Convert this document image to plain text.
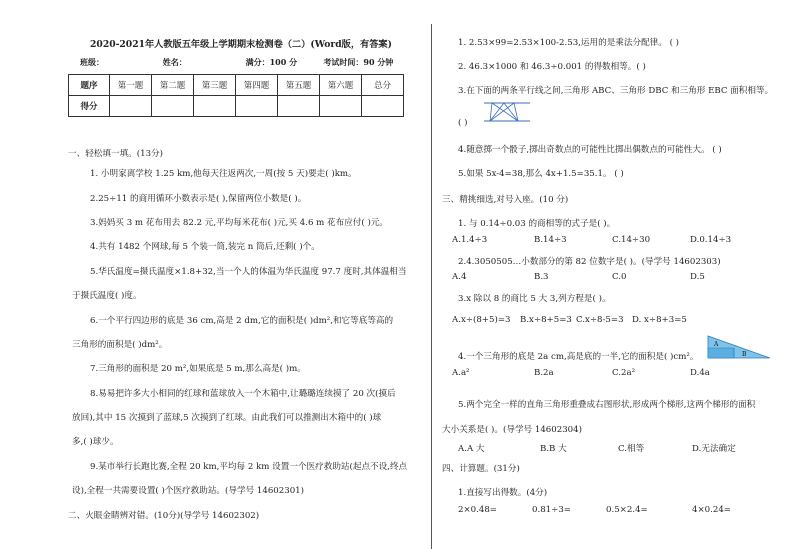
2020-2021年人教版五年级上学期期末检测卷（二）(Word版，有答案)
班级：	姓名：	满分：100 分	考试时间：90 分钟
题序	第一题	第二题	第三题	第四题	第五题	第六题	总分
得分							
一、轻松填一填。(13分)
1. 小明家离学校 1.25 km,他每天往返两次,一周(按 5 天)要走( )km。
2.25÷11 的商用循环小数表示是( ),保留两位小数是( )。
3.妈妈买 3 m 花布用去 82.2 元,平均每米花布( )元,买 4.6 m 花布应付( )元。
4.共有 1482 个网球,每 5 个装一筒,装完 n 筒后,还剩( )个。
5.华氏温度=摄氏温度×1.8+32,当一个人的体温为华氏温度 97.7 度时,其体温相当
于摄氏温度( )度。
6.一个平行四边形的底是 36 cm,高是 2 dm,它的面积是( )dm²,和它等底等高的
三角形的面积是( )dm²。
7.三角形的面积是 20 m²,如果底是 5 m,那么高是( )m。
8.易易把许多大小相同的红球和蓝球放入一个木箱中,让璐璐连续摸了 20 次(摸后
放回),其中 15 次摸到了蓝球,5 次摸到了红球。由此我们可以推测出木箱中的( )球
多,( )球少。
9.某市举行长跑比赛,全程 20 km,平均每 2 km 设置一个医疗救助站(起点不设,终点
设),全程一共需要设置( )个医疗救助站。(导学号 14602301)
二、火眼金睛辨对错。(10分)(导学号 14602302)
1. 2.53×99=2.53×100-2.53,运用的是乘法分配律。 ( )
2. 46.3×1000 和 46.3÷0.001 的得数相等。( )
3.在下面的两条平行线之间,三角形 ABC、三角形 DBC 和三角形 EBC 面积相等。
( )
4.随意掷一个骰子,掷出奇数点的可能性比掷出偶数点的可能性大。 ( )
5.如果 5x-4=38,那么 4x+1.5=35.1。 ( )
三、精挑细选,对号入座。(10 分)
1. 与 0.14÷0.03 的商相等的式子是( )。
A.1.4÷3	B.14÷3	C.14÷30	D.0.14÷3
2.4.3050505…小数部分的第 82 位数字是( )。(导学号 14602303)
A.4	B.3	C.0	D.5
3.x 除以 8 的商比 5 大 3,列方程是( )。
A.x÷(8+5)=3 B.x÷8+5=3 C.x÷8-5=3 D. x÷8+3=5
4.一个三角形的底是 2a cm,高是底的一半,它的面积是( )cm²。
A
B
A.a²	B.2a	C.2a²	D.4a
5.两个完全一样的直角三角形重叠成右图形状,形成两个梯形,这两个梯形的面积
大小关系是( )。(导学号 14602304)
A.A 大	B.B 大	C.相等	D.无法确定
四、计算题。(31分)
1.直接写出得数。(4分)
2×0.48=	0.81÷3=	0.5×2.4=	4×0.24=
